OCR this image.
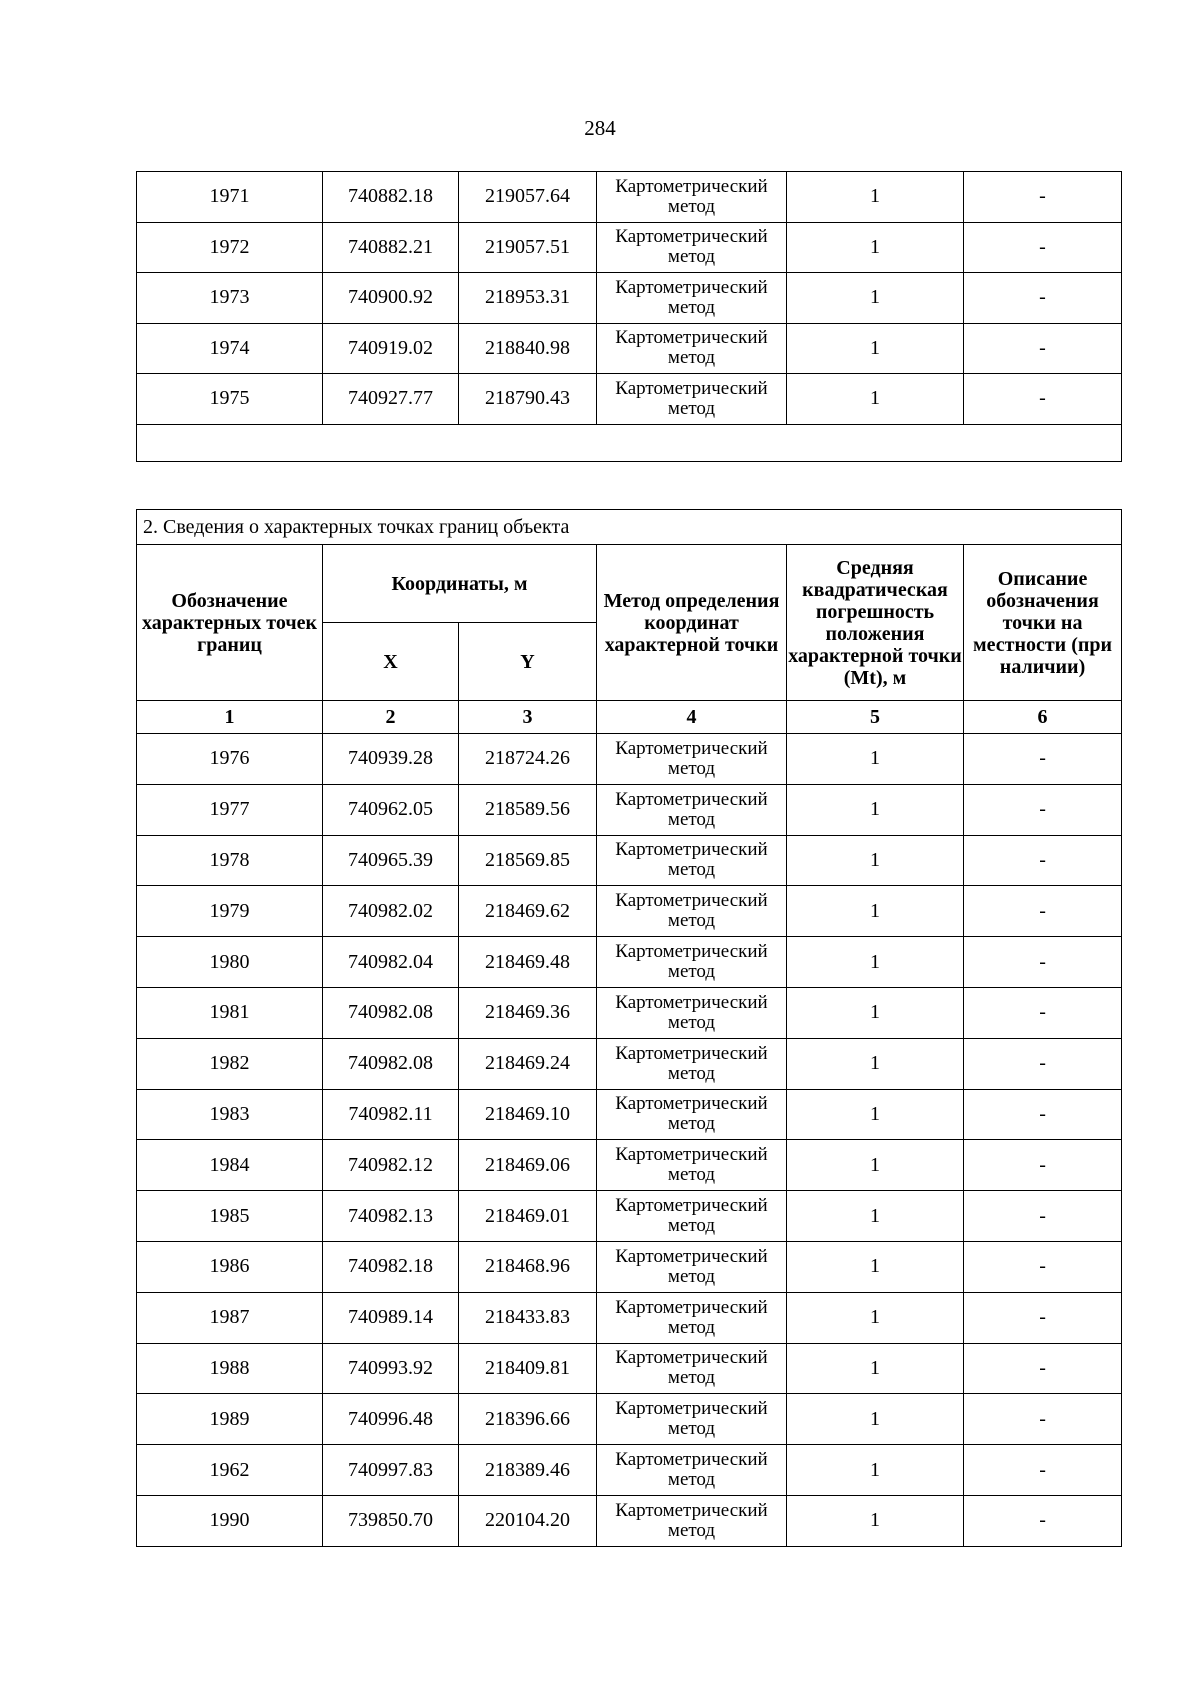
284
1971	740882.18	219057.64	Картометрический метод	1	-
1972	740882.21	219057.51	Картометрический метод	1	-
1973	740900.92	218953.31	Картометрический метод	1	-
1974	740919.02	218840.98	Картометрический метод	1	-
1975	740927.77	218790.43	Картометрический метод	1	-

2. Сведения о характерных точках границ объекта					
Обозначение характерных точек границ	Координаты, м		Метод определения координат характерной точки	Средняя квадратическая погрешность положения характерной точки (Mt), м	Описание обозначения точки на местности (при наличии)
	X	Y			
1	2	3	4	5	6
1976	740939.28	218724.26	Картометрический метод	1	-
1977	740962.05	218589.56	Картометрический метод	1	-
1978	740965.39	218569.85	Картометрический метод	1	-
1979	740982.02	218469.62	Картометрический метод	1	-
1980	740982.04	218469.48	Картометрический метод	1	-
1981	740982.08	218469.36	Картометрический метод	1	-
1982	740982.08	218469.24	Картометрический метод	1	-
1983	740982.11	218469.10	Картометрический метод	1	-
1984	740982.12	218469.06	Картометрический метод	1	-
1985	740982.13	218469.01	Картометрический метод	1	-
1986	740982.18	218468.96	Картометрический метод	1	-
1987	740989.14	218433.83	Картометрический метод	1	-
1988	740993.92	218409.81	Картометрический метод	1	-
1989	740996.48	218396.66	Картометрический метод	1	-
1962	740997.83	218389.46	Картометрический метод	1	-
1990	739850.70	220104.20	Картометрический метод	1	-
